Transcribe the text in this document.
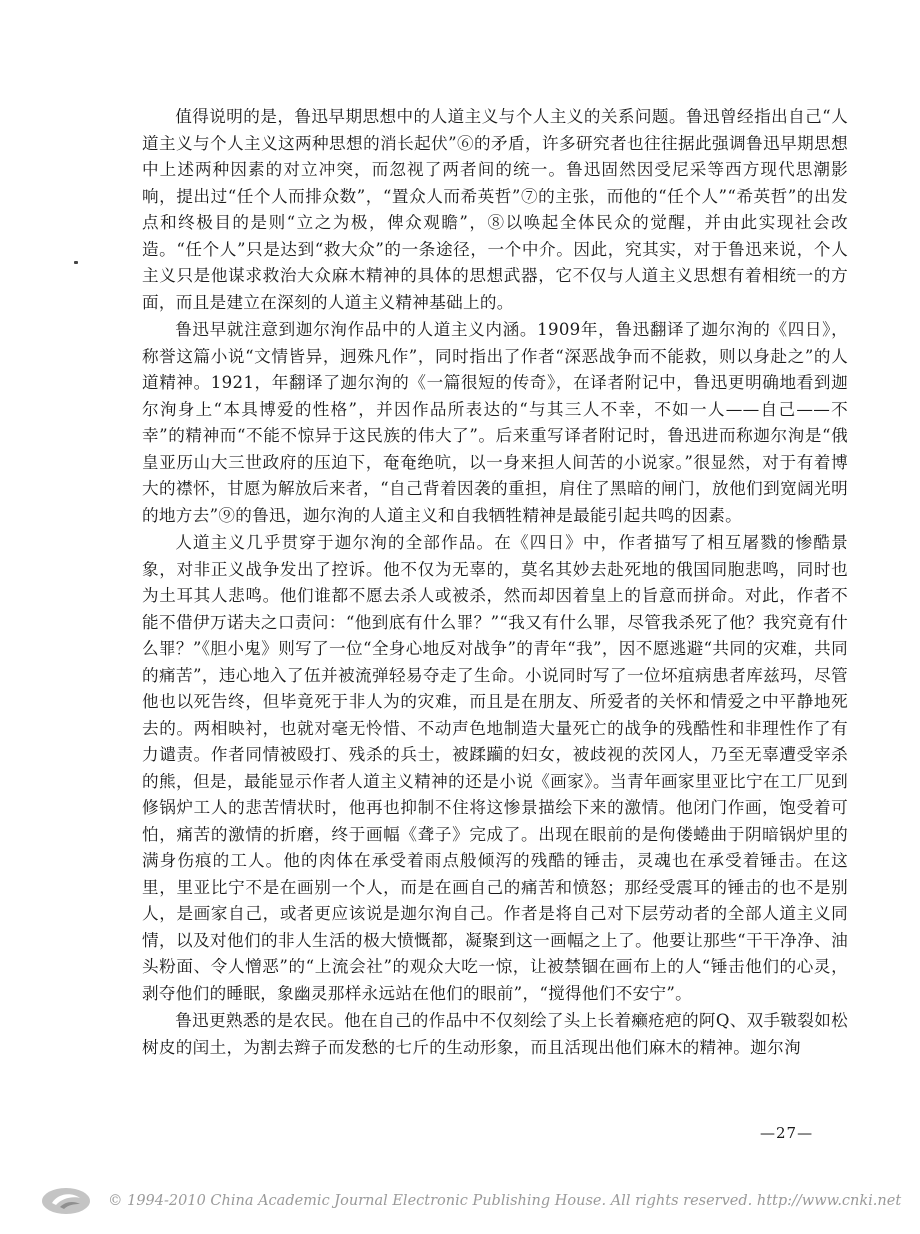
值得说明的是，鲁迅早期思想中的人道主义与个人主义的关系问题。鲁迅曾经指出自己“人道主义与个人主义这两种思想的消长起伏”⑥的矛盾，许多研究者也往往据此强调鲁迅早期思想中上述两种因素的对立冲突，而忽视了两者间的统一。鲁迅固然因受尼采等西方现代思潮影响，提出过“任个人而排众数”，“置众人而希英哲”⑦的主张，而他的“任个人”“希英哲”的出发点和终极目的是则“立之为极，俾众观瞻”，⑧以唤起全体民众的觉醒，并由此实现社会改造。“任个人”只是达到“救大众”的一条途径，一个中介。因此，究其实，对于鲁迅来说，个人主义只是他谋求救治大众麻木精神的具体的思想武器，它不仅与人道主义思想有着相统一的方面，而且是建立在深刻的人道主义精神基础上的。

鲁迅早就注意到迦尔洵作品中的人道主义内涵。1909年，鲁迅翻译了迦尔洵的《四日》，称誉这篇小说“文情皆异，迥殊凡作”，同时指出了作者“深恶战争而不能救，则以身赴之”的人道精神。1921，年翻译了迦尔洵的《一篇很短的传奇》，在译者附记中，鲁迅更明确地看到迦尔洵身上“本具博爱的性格”，并因作品所表达的“与其三人不幸，不如一人——自己——不幸”的精神而“不能不惊异于这民族的伟大了”。后来重写译者附记时，鲁迅进而称迦尔洵是“俄皇亚历山大三世政府的压迫下，奄奄绝吭，以一身来担人间苦的小说家。”很显然，对于有着博大的襟怀，甘愿为解放后来者，“自己背着因袭的重担，肩住了黑暗的闸门，放他们到宽阔光明的地方去”⑨的鲁迅，迦尔洵的人道主义和自我牺牲精神是最能引起共鸣的因素。

人道主义几乎贯穿于迦尔洵的全部作品。在《四日》中，作者描写了相互屠戮的惨酷景象，对非正义战争发出了控诉。他不仅为无辜的，莫名其妙去赴死地的俄国同胞悲鸣，同时也为土耳其人悲鸣。他们谁都不愿去杀人或被杀，然而却因着皇上的旨意而拼命。对此，作者不能不借伊万诺夫之口责问：“他到底有什么罪？”“我又有什么罪，尽管我杀死了他？我究竟有什么罪？”《胆小鬼》则写了一位“全身心地反对战争”的青年“我”，因不愿逃避“共同的灾难，共同的痛苦”，违心地入了伍并被流弹轻易夺走了生命。小说同时写了一位坏疽病患者库兹玛，尽管他也以死告终，但毕竟死于非人为的灾难，而且是在朋友、所爱者的关怀和情爱之中平静地死去的。两相映衬，也就对毫无怜惜、不动声色地制造大量死亡的战争的残酷性和非理性作了有力谴责。作者同情被殴打、残杀的兵士，被蹂躏的妇女，被歧视的茨冈人，乃至无辜遭受宰杀的熊，但是，最能显示作者人道主义精神的还是小说《画家》。当青年画家里亚比宁在工厂见到修锅炉工人的悲苦情状时，他再也抑制不住将这惨景描绘下来的激情。他闭门作画，饱受着可怕，痛苦的激情的折磨，终于画幅《聋子》完成了。出现在眼前的是佝偻蜷曲于阴暗锅炉里的满身伤痕的工人。他的肉体在承受着雨点般倾泻的残酷的锤击，灵魂也在承受着锤击。在这里，里亚比宁不是在画别一个人，而是在画自己的痛苦和愤怒；那经受震耳的锤击的也不是别人，是画家自己，或者更应该说是迦尔洵自己。作者是将自己对下层劳动者的全部人道主义同情，以及对他们的非人生活的极大愤慨都，凝聚到这一画幅之上了。他要让那些“干干净净、油头粉面、令人憎恶”的“上流会社”的观众大吃一惊，让被禁锢在画布上的人“锤击他们的心灵，剥夺他们的睡眠，象幽灵那样永远站在他们的眼前”，“搅得他们不安宁”。

鲁迅更熟悉的是农民。他在自己的作品中不仅刻绘了头上长着癞疮疤的阿Q、双手皲裂如松树皮的闰土，为割去辫子而发愁的七斤的生动形象，而且活现出他们麻木的精神。迦尔洵

—27—
© 1994-2010 China Academic Journal Electronic Publishing House. All rights reserved. http://www.cnki.net
